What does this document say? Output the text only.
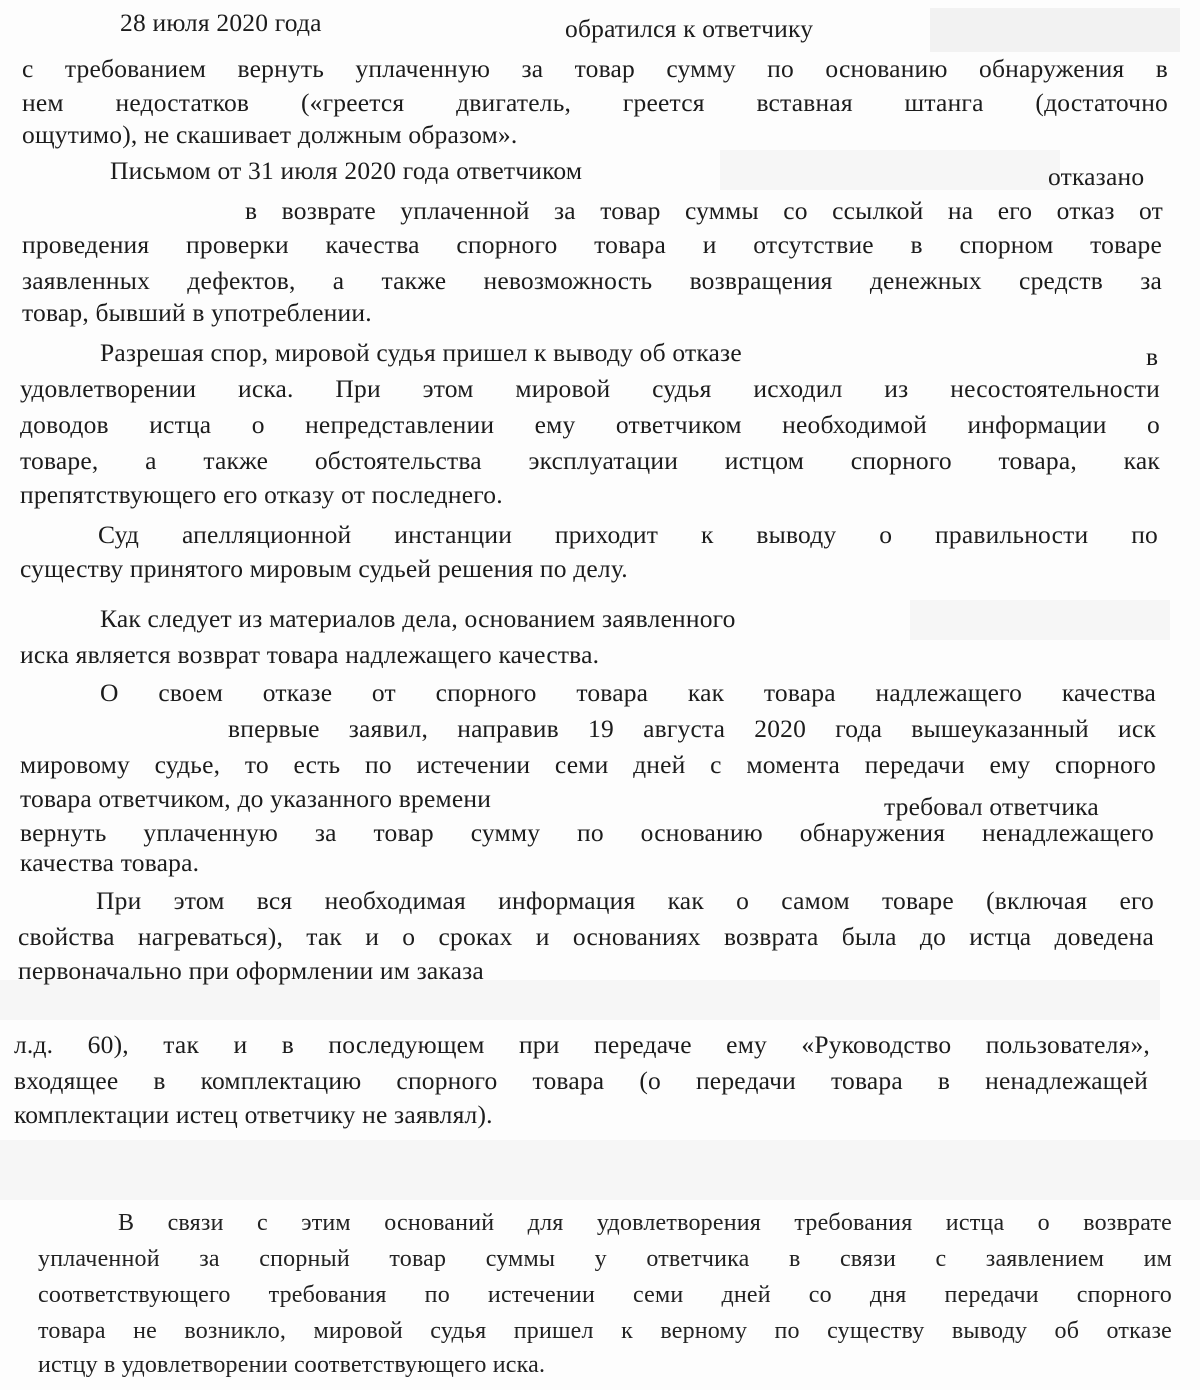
28 июля 2020 года	обратился к ответчику
с требованием вернуть уплаченную за товар сумму по основанию обнаружения в
нем недостатков («греется двигатель, греется вставная штанга (достаточно
ощутимо), не скашивает должным образом».
Письмом от 31 июля 2020 года ответчиком	отказано
в возврате уплаченной за товар суммы со ссылкой на его отказ от
проведения проверки качества спорного товара и отсутствие в спорном товаре
заявленных дефектов, а также невозможность возвращения денежных средств за
товар, бывший в употреблении.
Разрешая спор, мировой судья пришел к выводу об отказе	в
удовлетворении иска. При этом мировой судья исходил из несостоятельности
доводов истца о непредставлении ему ответчиком необходимой информации о
товаре, а также обстоятельства эксплуатации истцом спорного товара, как
препятствующего его отказу от последнего.
Суд апелляционной инстанции приходит к выводу о правильности по
существу принятого мировым судьей решения по делу.
Как следует из материалов дела, основанием заявленного
иска является возврат товара надлежащего качества.
О своем отказе от спорного товара как товара надлежащего качества
впервые заявил, направив 19 августа 2020 года вышеуказанный иск
мировому судье, то есть по истечении семи дней с момента передачи ему спорного
товара ответчиком, до указанного времени	требовал ответчика
вернуть уплаченную за товар сумму по основанию обнаружения ненадлежащего
качества товара.
При этом вся необходимая информация как о самом товаре (включая его
свойства нагреваться), так и о сроках и основаниях возврата была до истца доведена
первоначально при оформлении им заказа
л.д. 60), так и в последующем при передаче ему «Руководство пользователя»,
входящее в комплектацию спорного товара (о передачи товара в ненадлежащей
комплектации истец ответчику не заявлял).
В связи с этим оснований для удовлетворения требования истца о возврате
уплаченной за спорный товар суммы у ответчика в связи с заявлением им
соответствующего требования по истечении семи дней со дня передачи спорного
товара не возникло, мировой судья пришел к верному по существу выводу об отказе
истцу в удовлетворении соответствующего иска.
